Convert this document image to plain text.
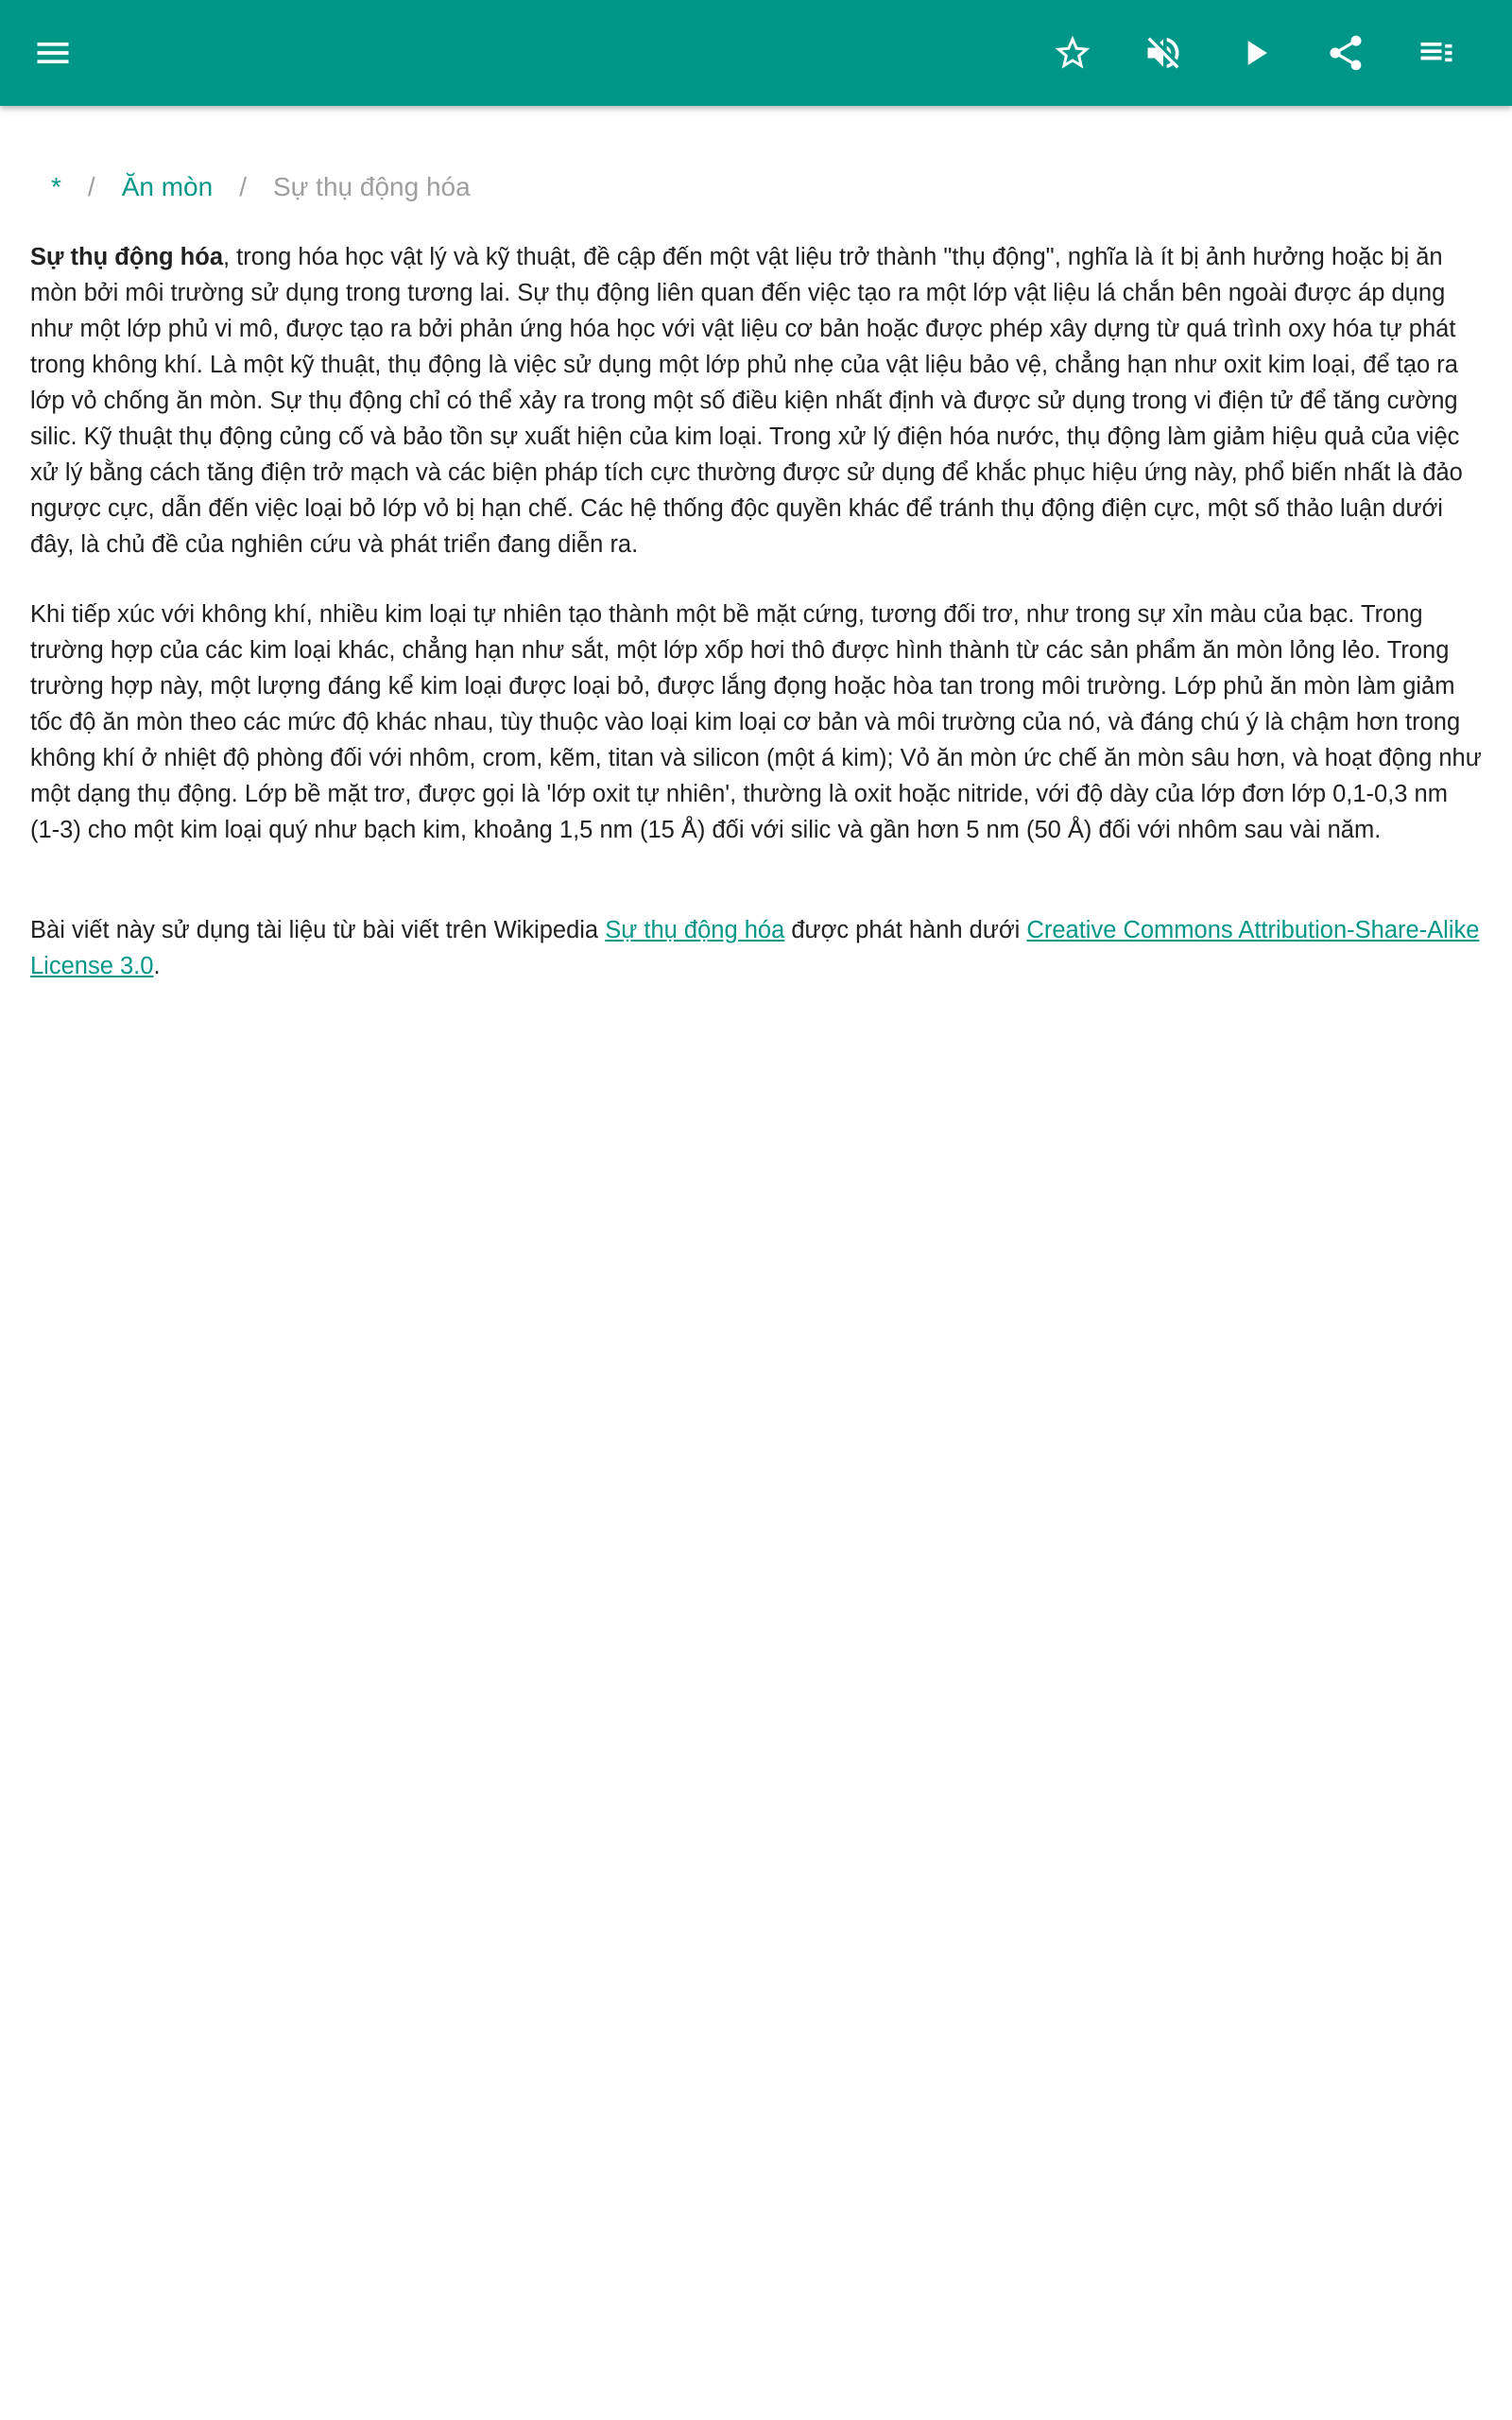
* / Ăn mòn / Sự thụ động hóa

Sự thụ động hóa, trong hóa học vật lý và kỹ thuật, đề cập đến một vật liệu trở thành "thụ động", nghĩa là ít bị ảnh hưởng hoặc bị ăn mòn bởi môi trường sử dụng trong tương lai. Sự thụ động liên quan đến việc tạo ra một lớp vật liệu lá chắn bên ngoài được áp dụng như một lớp phủ vi mô, được tạo ra bởi phản ứng hóa học với vật liệu cơ bản hoặc được phép xây dựng từ quá trình oxy hóa tự phát trong không khí. Là một kỹ thuật, thụ động là việc sử dụng một lớp phủ nhẹ của vật liệu bảo vệ, chẳng hạn như oxit kim loại, để tạo ra lớp vỏ chống ăn mòn. Sự thụ động chỉ có thể xảy ra trong một số điều kiện nhất định và được sử dụng trong vi điện tử để tăng cường silic. Kỹ thuật thụ động củng cố và bảo tồn sự xuất hiện của kim loại. Trong xử lý điện hóa nước, thụ động làm giảm hiệu quả của việc xử lý bằng cách tăng điện trở mạch và các biện pháp tích cực thường được sử dụng để khắc phục hiệu ứng này, phổ biến nhất là đảo ngược cực, dẫn đến việc loại bỏ lớp vỏ bị hạn chế. Các hệ thống độc quyền khác để tránh thụ động điện cực, một số thảo luận dưới đây, là chủ đề của nghiên cứu và phát triển đang diễn ra.

Khi tiếp xúc với không khí, nhiều kim loại tự nhiên tạo thành một bề mặt cứng, tương đối trơ, như trong sự xỉn màu của bạc. Trong trường hợp của các kim loại khác, chẳng hạn như sắt, một lớp xốp hơi thô được hình thành từ các sản phẩm ăn mòn lỏng lẻo. Trong trường hợp này, một lượng đáng kể kim loại được loại bỏ, được lắng đọng hoặc hòa tan trong môi trường. Lớp phủ ăn mòn làm giảm tốc độ ăn mòn theo các mức độ khác nhau, tùy thuộc vào loại kim loại cơ bản và môi trường của nó, và đáng chú ý là chậm hơn trong không khí ở nhiệt độ phòng đối với nhôm, crom, kẽm, titan và silicon (một á kim); Vỏ ăn mòn ức chế ăn mòn sâu hơn, và hoạt động như một dạng thụ động. Lớp bề mặt trơ, được gọi là 'lớp oxit tự nhiên', thường là oxit hoặc nitride, với độ dày của lớp đơn lớp 0,1-0,3 nm (1-3) cho một kim loại quý như bạch kim, khoảng 1,5 nm (15 Å) đối với silic và gần hơn 5 nm (50 Å) đối với nhôm sau vài năm.

Bài viết này sử dụng tài liệu từ bài viết trên Wikipedia Sự thụ động hóa được phát hành dưới Creative Commons Attribution-Share-Alike License 3.0.
